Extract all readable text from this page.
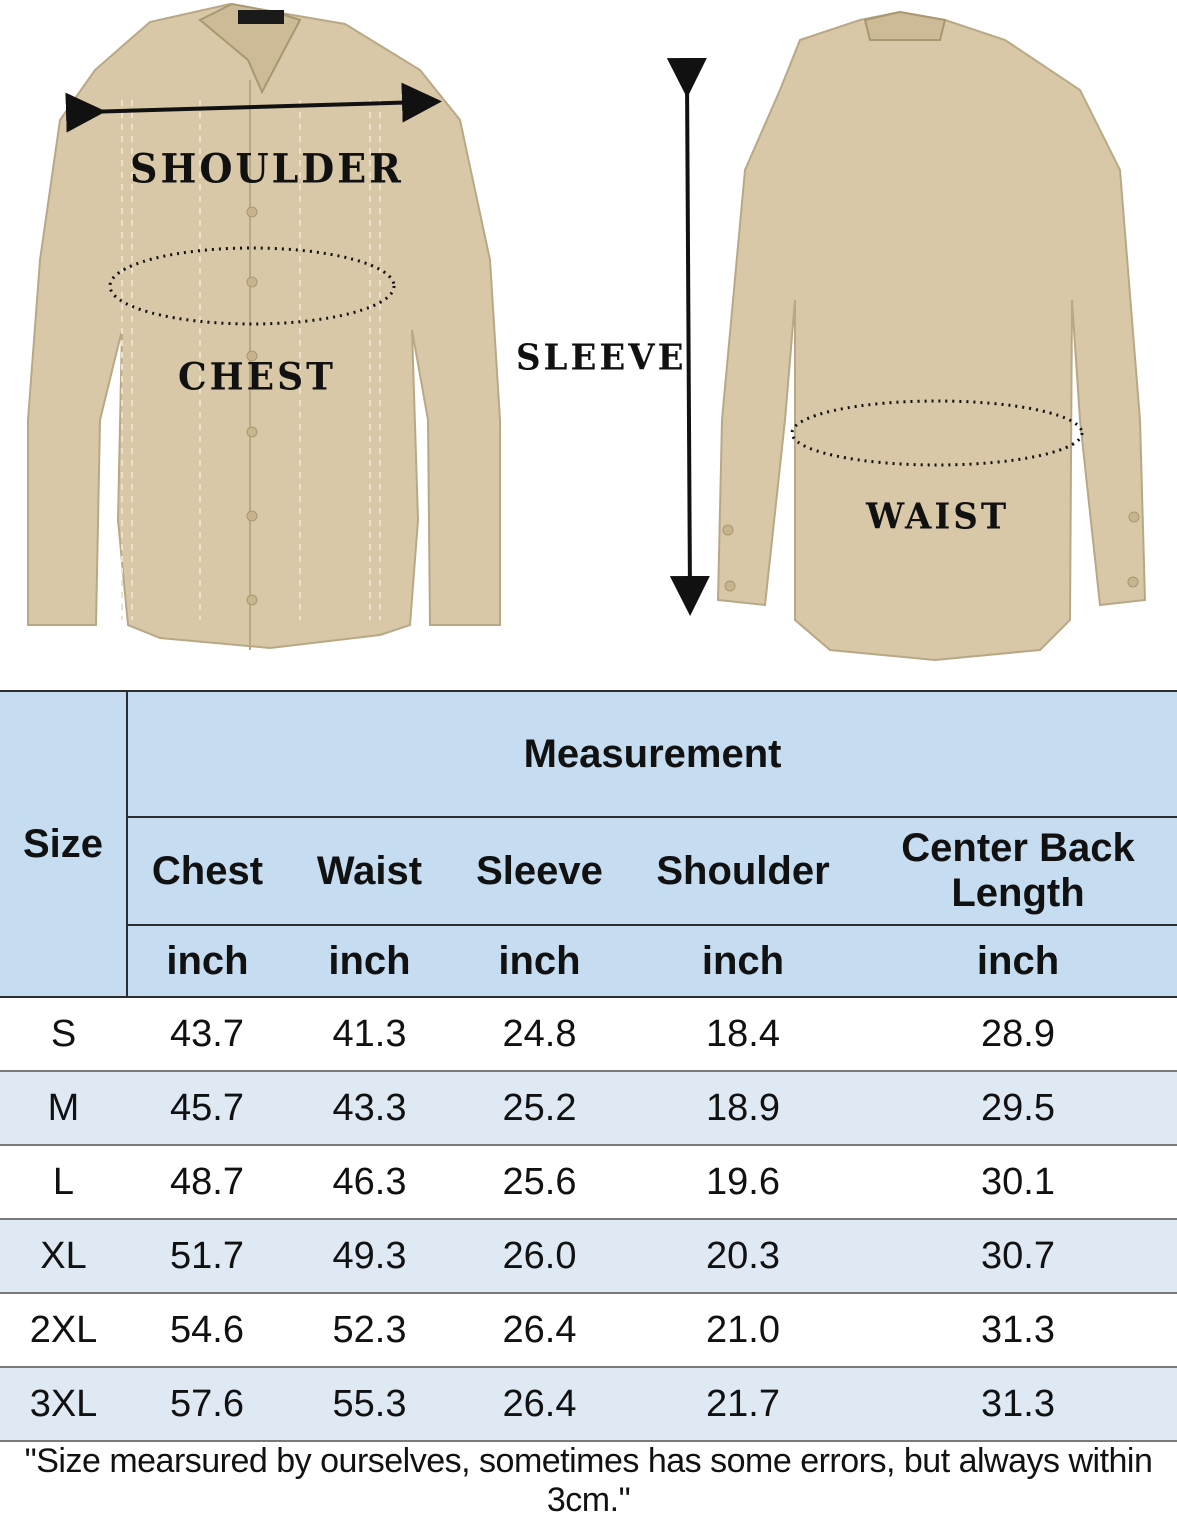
SHOULDER
CHEST	SLEEVE
WAIST
Size	Measurement				
	Chest	Waist	Sleeve	Shoulder	Center Back Length
	inch	inch	inch	inch	inch
S	43.7	41.3	24.8	18.4	28.9
M	45.7	43.3	25.2	18.9	29.5
L	48.7	46.3	25.6	19.6	30.1
XL	51.7	49.3	26.0	20.3	30.7
2XL	54.6	52.3	26.4	21.0	31.3
3XL	57.6	55.3	26.4	21.7	31.3
"Size mearsured by ourselves, sometimes has some errors, but always within 3cm."					
